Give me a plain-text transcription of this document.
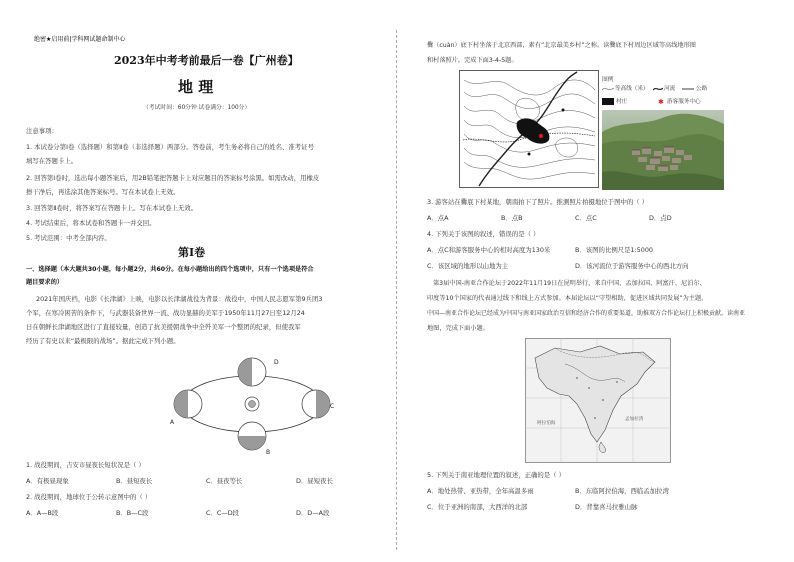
绝密★启用前|学科网试题命制中心
2023年中考考前最后一卷【广州卷】
地 理
（考试时间：60分钟 试卷满分：100分）
注意事项：
1. 本试卷分第Ⅰ卷（选择题）和第Ⅱ卷（非选择题）两部分。答卷前，考生务必将自己的姓名、准考证号
填写在答题卡上。
2. 回答第Ⅰ卷时，选出每小题答案后，用2B铅笔把答题卡上对应题目的答案标号涂黑。如需改动，用橡皮
擦干净后，再选涂其他答案标号。写在本试卷上无效。
3. 回答第Ⅱ卷时，将答案写在答题卡上。写在本试卷上无效。
4. 考试结束后，将本试卷和答题卡一并交回。
5. 考试范围：中考全部内容。
第Ⅰ卷
一、选择题（本大题共30小题，每小题2分，共60分。在每小题给出的四个选项中，只有一个选项是符合
题目要求的）
2021年国庆档，电影《长津湖》上映，电影以长津湖战役为背景：战役中，中国人民志愿军第9兵团3
个军，在寒冷困苦的条件下，与武器装备世界一流、战功显赫的美军于1950年11月27日至12月24
日在朝鲜长津湖地区进行了直接较量，创造了抗美援朝战争中全歼美军一个整团的纪录，但使我军
经历了有史以来“最极限的战场”。据此完成下列小题。
D
C
B
A
1. 战役期间，吉安市昼夜长短状况是（ ）
A．有极昼现象	B．昼短夜长	C．昼夜等长	D．昼短夜长
2. 战役期间，地球位于公转示意图中的（ ）
A．A—B段	B．B—C段	C．C—D段	D．D—A段
爨（cuàn）底下村坐落于北京西部，素有“北京最美乡村”之称。读爨底下村周边区域等高线地形图
和村落照片，完成下面3-4-5题。
图例
等高线（米）	河流	公路
村庄	✱ 游客服务中心
3. 游客站在爨底下村某地，朝南拍下了照片。推测照片拍摄地位于图中的（ ）
A．点A	B．点B	C．点C	D．点D
4. 下列关于该图的叙述，错误的是（ ）
A．点C和游客服务中心的相对高度为130米	B．该图的比例尺是1:5000
C．该区域的地形以山地为主	D．该河流位于游客服务中心的西北方向
第3届中国-南亚合作论坛于2022年11月19日在昆明举行，来自中国、孟加拉国、阿富汗、尼泊尔、
印度等10个国家的代表通过线下和线上方式参加。本届论坛以“守望相助，促进区域共同发展”为主题，
中国—南亚合作论坛已经成为中国与南亚国家政治互信和经济合作的重要渠道，助推双方合作论坛打上积极贡献。读南亚
地图，完成下面小题。
阿拉伯海
孟加拉湾
5. 下列关于南亚地理位置的叙述，正确的是（ ）
A．地处热带、亚热带，全年高温多雨	B．东临阿拉伯海，西临孟加拉湾
C．位于亚洲的南部，大西洋的北部	D．背靠喜马拉雅山脉
